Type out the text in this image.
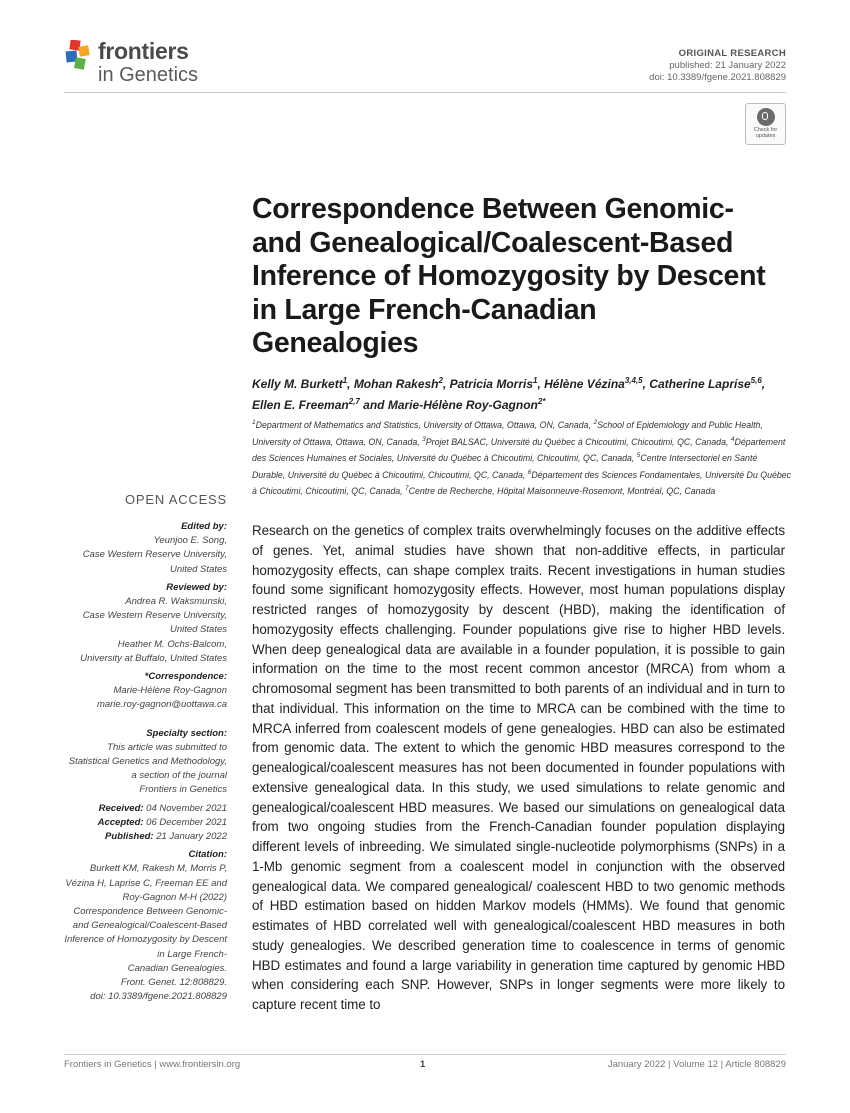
frontiers
in Genetics
ORIGINAL RESEARCH
published: 21 January 2022
doi: 10.3389/fgene.2021.808829
Check for
updates
Correspondence Between Genomic-
and Genealogical/Coalescent-Based
Inference of Homozygosity by Descent
in Large French-Canadian
Genealogies
Kelly M. Burkett$^1$, Mohan Rakesh$^2$, Patricia Morris$^1$, Hélène Vézina$^{3,4,5}$, Catherine Laprise$^{5,6}$,
Ellen E. Freeman$^{2,7}$ and Marie-Hélène Roy-Gagnon$^{2*}$
$^1$Department of Mathematics and Statistics, University of Ottawa, Ottawa, ON, Canada, $^2$School of Epidemiology and Public Health, University of Ottawa, Ottawa, ON, Canada, $^3$Projet BALSAC, Université du Québec à Chicoutimi, Chicoutimi, QC, Canada, $^4$Département des Sciences Humaines et Sociales, Université du Québec à Chicoutimi, Chicoutimi, QC, Canada, $^5$Centre Intersectoriel en Santé Durable, Université du Québec à Chicoutimi, Chicoutimi, QC, Canada, $^6$Département des Sciences Fondamentales, Université Du Québec à Chicoutimi, Chicoutimi, QC, Canada, $^7$Centre de Recherche, Hôpital Maisonneuve-Rosemont, Montréal, QC, Canada
OPEN ACCESS
Edited by:
Yeunjoo E. Song,
Case Western Reserve University,
United States
Reviewed by:
Andrea R. Waksmunski,
Case Western Reserve University,
United States
Heather M. Ochs-Balcom,
University at Buffalo, United States
*Correspondence:
Marie-Hélène Roy-Gagnon
marie.roy-gagnon@uottawa.ca
Specialty section:
This article was submitted to
Statistical Genetics and Methodology,
a section of the journal
Frontiers in Genetics
Received: 04 November 2021
Accepted: 06 December 2021
Published: 21 January 2022
Citation:
Burkett KM, Rakesh M, Morris P,
Vézina H, Laprise C, Freeman EE and
Roy-Gagnon M-H (2022)
Correspondence Between Genomic-
and Genealogical/Coalescent-Based
Inference of Homozygosity by Descent
in Large French-
Canadian Genealogies.
Front. Genet. 12:808829.
doi: 10.3389/fgene.2021.808829
Research on the genetics of complex traits overwhelmingly focuses on the additive effects of genes. Yet, animal studies have shown that non-additive effects, in particular homozygosity effects, can shape complex traits. Recent investigations in human studies found some significant homozygosity effects. However, most human populations display restricted ranges of homozygosity by descent (HBD), making the identification of homozygosity effects challenging. Founder populations give rise to higher HBD levels. When deep genealogical data are available in a founder population, it is possible to gain information on the time to the most recent common ancestor (MRCA) from whom a chromosomal segment has been transmitted to both parents of an individual and in turn to that individual. This information on the time to MRCA can be combined with the time to MRCA inferred from coalescent models of gene genealogies. HBD can also be estimated from genomic data. The extent to which the genomic HBD measures correspond to the genealogical/coalescent measures has not been documented in founder populations with extensive genealogical data. In this study, we used simulations to relate genomic and genealogical/coalescent HBD measures. We based our simulations on genealogical data from two ongoing studies from the French-Canadian founder population displaying different levels of inbreeding. We simulated single-nucleotide polymorphisms (SNPs) in a 1-Mb genomic segment from a coalescent model in conjunction with the observed genealogical data. We compared genealogical/ coalescent HBD to two genomic methods of HBD estimation based on hidden Markov models (HMMs). We found that genomic estimates of HBD correlated well with genealogical/coalescent HBD measures in both study genealogies. We described generation time to coalescence in terms of genomic HBD estimates and found a large variability in generation time captured by genomic HBD when considering each SNP. However, SNPs in longer segments were more likely to capture recent time to
Frontiers in Genetics | www.frontiersin.org	1	January 2022 | Volume 12 | Article 808829
